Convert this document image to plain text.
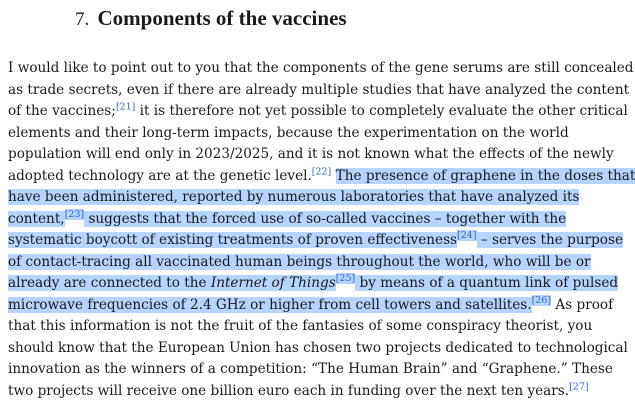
7. Components of the vaccines

I would like to point out to you that the components of the gene serums are still concealed
as trade secrets, even if there are already multiple studies that have analyzed the content
of the vaccines;[21] it is therefore not yet possible to completely evaluate the other critical
elements and their long-term impacts, because the experimentation on the world
population will end only in 2023/2025, and it is not known what the effects of the newly
adopted technology are at the genetic level.[22] The presence of graphene in the doses that
have been administered, reported by numerous laboratories that have analyzed its
content,[23] suggests that the forced use of so-called vaccines – together with the
systematic boycott of existing treatments of proven effectiveness[24] – serves the purpose
of contact-tracing all vaccinated human beings throughout the world, who will be or
already are connected to the Internet of Things[25] by means of a quantum link of pulsed
microwave frequencies of 2.4 GHz or higher from cell towers and satellites.[26] As proof
that this information is not the fruit of the fantasies of some conspiracy theorist, you
should know that the European Union has chosen two projects dedicated to technological
innovation as the winners of a competition: “The Human Brain” and “Graphene.” These
two projects will receive one billion euro each in funding over the next ten years.[27]
